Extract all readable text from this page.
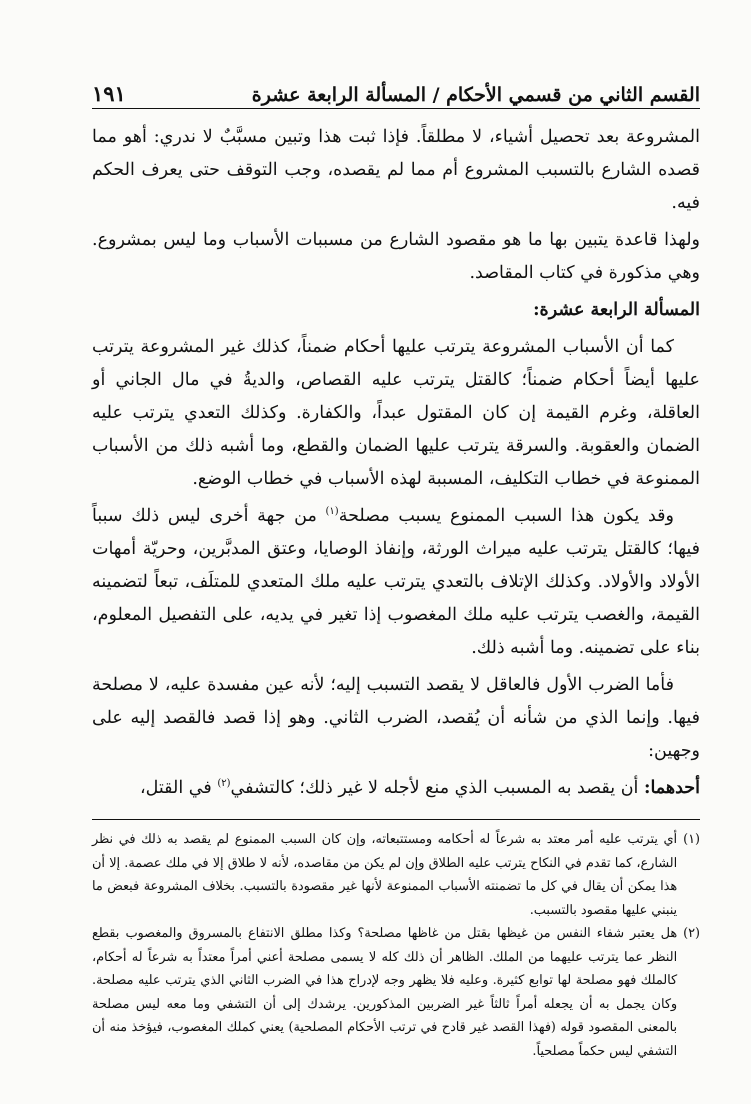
القسم الثاني من قسمي الأحكام / المسألة الرابعة عشرة
١٩١

المشروعة بعد تحصيل أشياء، لا مطلقاً. فإذا ثبت هذا وتبين مسبَّبٌ لا ندري: أهو مما قصده الشارع بالتسبب المشروع أم مما لم يقصده، وجب التوقف حتى يعرف الحكم فيه.

ولهذا قاعدة يتبين بها ما هو مقصود الشارع من مسببات الأسباب وما ليس بمشروع. وهي مذكورة في كتاب المقاصد.

المسألة الرابعة عشرة:

كما أن الأسباب المشروعة يترتب عليها أحكام ضمناً، كذلك غير المشروعة يترتب عليها أيضاً أحكام ضمناً؛ كالقتل يترتب عليه القصاص، والديةُ في مال الجاني أو العاقلة، وغرم القيمة إن كان المقتول عبداً، والكفارة. وكذلك التعدي يترتب عليه الضمان والعقوبة. والسرقة يترتب عليها الضمان والقطع، وما أشبه ذلك من الأسباب الممنوعة في خطاب التكليف، المسببة لهذه الأسباب في خطاب الوضع.

وقد يكون هذا السبب الممنوع يسبب مصلحة$^{(١)}$ من جهة أخرى ليس ذلك سبباً فيها؛ كالقتل يترتب عليه ميراث الورثة، وإنفاذ الوصايا، وعتق المدبَّرين، وحريّة أمهات الأولاد والأولاد. وكذلك الإتلاف بالتعدي يترتب عليه ملك المتعدي للمتلَف، تبعاً لتضمينه القيمة، والغصب يترتب عليه ملك المغصوب إذا تغير في يديه، على التفصيل المعلوم، بناء على تضمينه. وما أشبه ذلك.

فأما الضرب الأول فالعاقل لا يقصد التسبب إليه؛ لأنه عين مفسدة عليه، لا مصلحة فيها. وإنما الذي من شأنه أن يُقصد، الضرب الثاني. وهو إذا قصد فالقصد إليه على وجهين:

أحدهما: أن يقصد به المسبب الذي منع لأجله لا غير ذلك؛ كالتشفي$^{(٢)}$ في القتل،

(١)
أي يترتب عليه أمر معتد به شرعاً له أحكامه ومستتبعاته، وإن كان السبب الممنوع لم يقصد به ذلك في نظر الشارع، كما تقدم في النكاح يترتب عليه الطلاق وإن لم يكن من مقاصده، لأنه لا طلاق إلا في ملك عصمة. إلا أن هذا يمكن أن يقال في كل ما تضمنته الأسباب الممنوعة لأنها غير مقصودة بالتسبب. بخلاف المشروعة فبعض ما ينبني عليها مقصود بالتسبب.
(٢)
هل يعتبر شفاء النفس من غيظها بقتل من غاظها مصلحة؟ وكذا مطلق الانتفاع بالمسروق والمغصوب بقطع النظر عما يترتب عليهما من الملك. الظاهر أن ذلك كله لا يسمى مصلحة أعني أمراً معتداً به شرعاً له أحكام، كالملك فهو مصلحة لها توابع كثيرة. وعليه فلا يظهر وجه لإدراج هذا في الضرب الثاني الذي يترتب عليه مصلحة. وكان يجمل به أن يجعله أمراً ثالثاً غير الضربين المذكورين. يرشدك إلى أن التشفي وما معه ليس مصلحة بالمعنى المقصود قوله (فهذا القصد غير قادح في ترتب الأحكام المصلحية) يعني كملك المغصوب، فيؤخذ منه أن التشفي ليس حكماً مصلحياً.
